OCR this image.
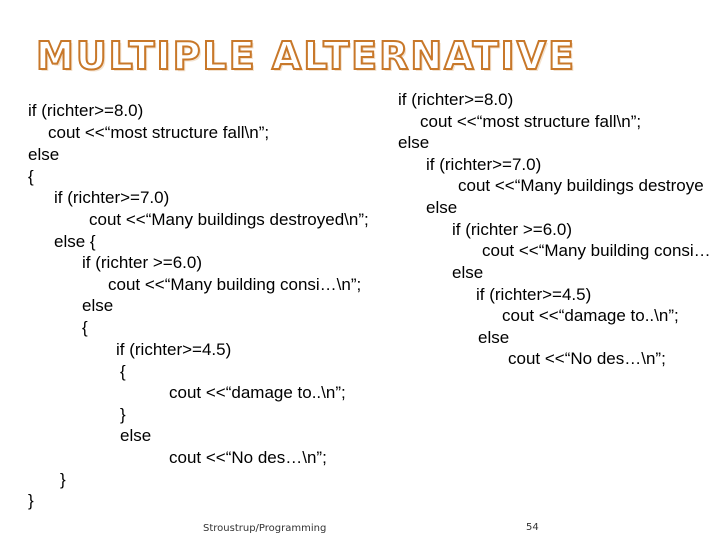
MULTIPLE ALTERNATIVE
if (richter>=8.0)
cout <<“most structure fall\n”;
else
{
if (richter>=7.0)
cout <<“Many buildings destroyed\n”;
else {
if (richter >=6.0)
cout <<“Many building consi…\n”;
else
{
if (richter>=4.5)
{
cout <<“damage to..\n”;
}
else
cout <<“No des…\n”;
}
}
if (richter>=8.0)
cout <<“most structure fall\n”;
else
if (richter>=7.0)
cout <<“Many buildings destroye
else
if (richter >=6.0)
cout <<“Many building consi…
else
if (richter>=4.5)
cout <<“damage to..\n”;
else
cout <<“No des…\n”;
Stroustrup/Programming	54
